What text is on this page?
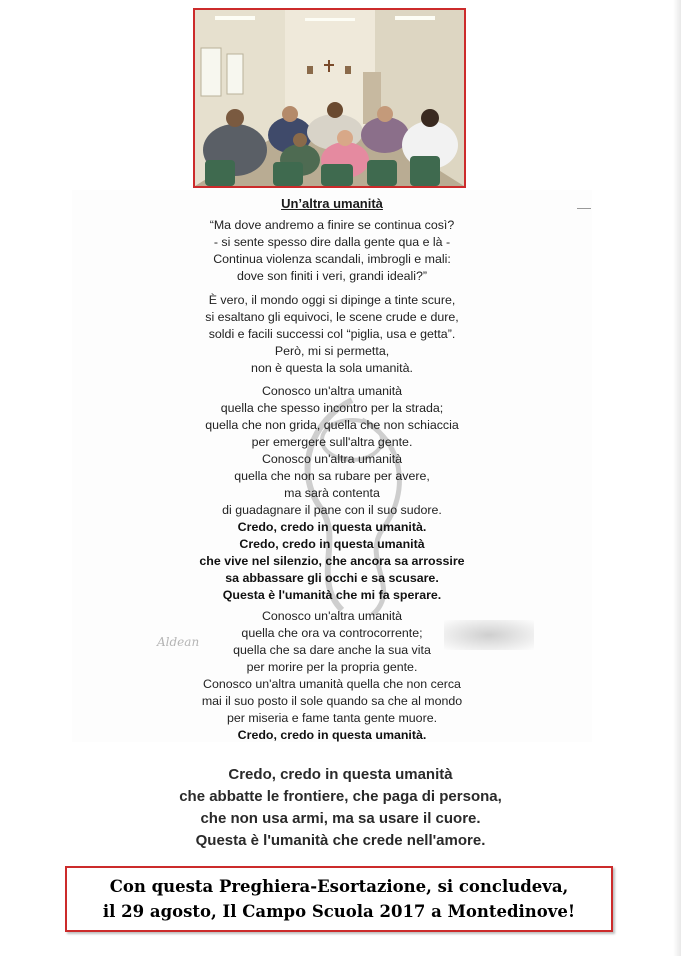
Aldean
Un’altra umanità
“Ma dove andremo a finire se continua così?
- si sente spesso dire dalla gente qua e là -
Continua violenza scandali, imbrogli e mali:
dove son finiti i veri, grandi ideali?”
È vero, il mondo oggi si dipinge a tinte scure,
si esaltano gli equivoci, le scene crude e dure,
soldi e facili successi col “piglia, usa e getta”.
Però, mi si permetta,
non è questa la sola umanità.
Conosco un'altra umanità
quella che spesso incontro per la strada;
quella che non grida, quella che non schiaccia
per emergere sull'altra gente.
Conosco un'altra umanità
quella che non sa rubare per avere,
ma sarà contenta
di guadagnare il pane con il suo sudore.
Credo, credo in questa umanità.
Credo, credo in questa umanità
che vive nel silenzio, che ancora sa arrossire
sa abbassare gli occhi e sa scusare.
Questa è l'umanità che mi fa sperare.
Conosco un'altra umanità
quella che ora va controcorrente;
quella che sa dare anche la sua vita
per morire per la propria gente.
Conosco un'altra umanità quella che non cerca
mai il suo posto il sole quando sa che al mondo
per miseria e fame tanta gente muore.
Credo, credo in questa umanità.
Credo, credo in questa umanità
che abbatte le frontiere, che paga di persona,
che non usa armi, ma sa usare il cuore.
Questa è l'umanità che crede nell'amore.
Con questa Preghiera-Esortazione, si concludeva,
il 29 agosto, Il Campo Scuola 2017 a Montedinove!
